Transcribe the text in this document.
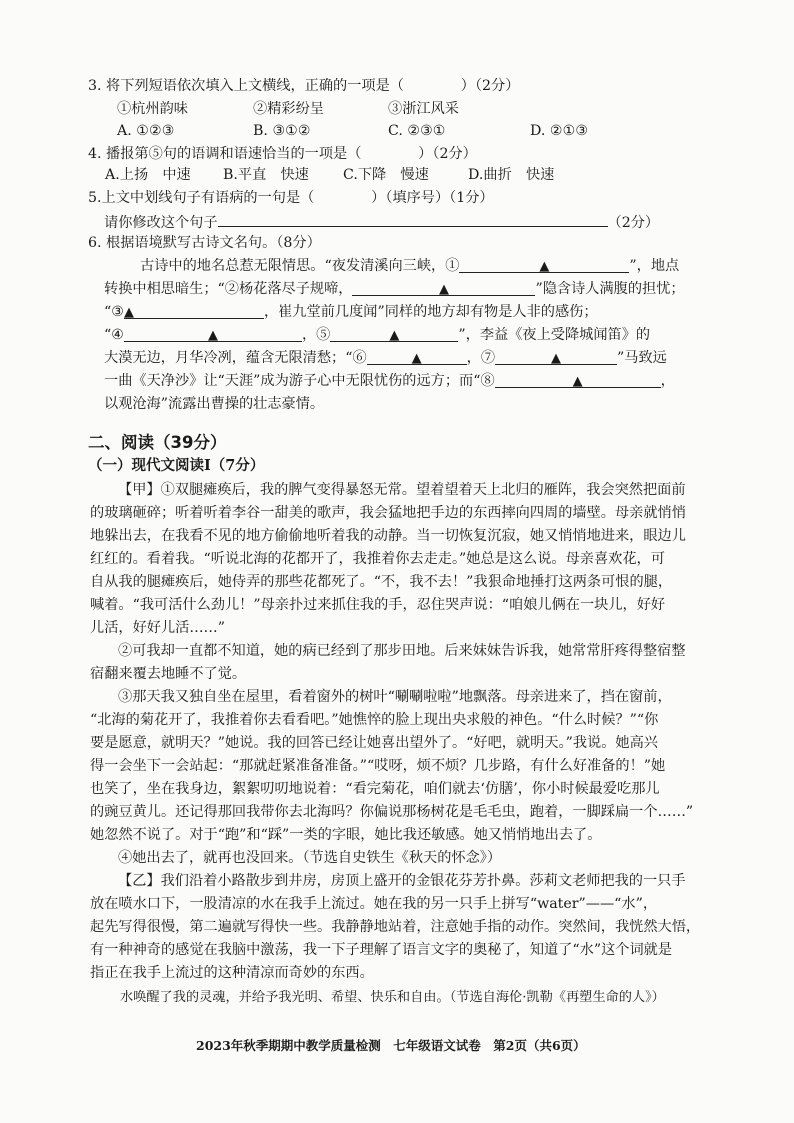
3. 将下列短语依次填入上文横线，正确的一项是（　　　　）（2分）
①杭州韵味	②精彩纷呈	③浙江风采
A. ①②③	B. ③①②	C. ②③①	D. ②①③
4. 播报第⑤句的语调和语速恰当的一项是（　　　　）（2分）
A.上扬　中速 B.平直　快速 C.下降　慢速	D.曲折　快速
5.上文中划线句子有语病的一句是（　　　　）（填序号）（1分）
请你修改这个句子	（2分）
6. 根据语境默写古诗文名句。（8分）
古诗中的地名总惹无限情思。“夜发清溪向三峡，①	▲	”，地点
转换中相思暗生；“②杨花落尽子规啼，	▲	”隐含诗人满腹的担忧；
“③▲	，崔九堂前几度闻”同样的地方却有物是人非的感伤；
“④	▲	，⑤	▲	”，李益《夜上受降城闻笛》的
大漠无边，月华冷冽，蕴含无限清愁；“⑥	▲	，⑦	▲	”马致远
一曲《天净沙》让“天涯”成为游子心中无限忧伤的远方；而“⑧	▲	，
以观沧海”流露出曹操的壮志豪情。
二、阅读（39分）
（一）现代文阅读Ⅰ（7分）
【甲】①双腿瘫痪后，我的脾气变得暴怒无常。望着望着天上北归的雁阵，我会突然把面前
的玻璃砸碎；听着听着李谷一甜美的歌声，我会猛地把手边的东西摔向四周的墙壁。母亲就悄悄
地躲出去，在我看不见的地方偷偷地听着我的动静。当一切恢复沉寂，她又悄悄地进来，眼边儿
红红的。看着我。“听说北海的花都开了，我推着你去走走。”她总是这么说。母亲喜欢花，可
自从我的腿瘫痪后，她侍弄的那些花都死了。“不，我不去！”我狠命地捶打这两条可恨的腿，
喊着。“我可活什么劲儿！”母亲扑过来抓住我的手，忍住哭声说：“咱娘儿俩在一块儿，好好
儿活，好好儿活……”
②可我却一直都不知道，她的病已经到了那步田地。后来妹妹告诉我，她常常肝疼得整宿整
宿翻来覆去地睡不了觉。
③那天我又独自坐在屋里，看着窗外的树叶“唰唰啦啦”地飘落。母亲进来了，挡在窗前，
“北海的菊花开了，我推着你去看看吧。”她憔悴的脸上现出央求般的神色。“什么时候？”“你
要是愿意，就明天？”她说。我的回答已经让她喜出望外了。“好吧，就明天。”我说。她高兴
得一会坐下一会站起：“那就赶紧准备准备。”“哎呀，烦不烦？几步路，有什么好准备的！”她
也笑了，坐在我身边，絮絮叨叨地说着：“看完菊花，咱们就去‘仿膳’，你小时候最爱吃那儿
的豌豆黄儿。还记得那回我带你去北海吗？你偏说那杨树花是毛毛虫，跑着，一脚踩扁一个……”
她忽然不说了。对于“跑”和“踩”一类的字眼，她比我还敏感。她又悄悄地出去了。
④她出去了，就再也没回来。（节选自史铁生《秋天的怀念》）
【乙】我们沿着小路散步到井房，房顶上盛开的金银花芬芳扑鼻。莎莉文老师把我的一只手
放在喷水口下，一股清凉的水在我手上流过。她在我的另一只手上拼写“water”——“水”，
起先写得很慢，第二遍就写得快一些。我静静地站着，注意她手指的动作。突然间，我恍然大悟，
有一种神奇的感觉在我脑中激荡，我一下子理解了语言文字的奥秘了，知道了“水”这个词就是
指正在我手上流过的这种清凉而奇妙的东西。
水唤醒了我的灵魂，并给予我光明、希望、快乐和自由。（节选自海伦·凯勒《再塑生命的人》）
2023年秋季期期中教学质量检测　七年级语文试卷　第2页（共6页）
